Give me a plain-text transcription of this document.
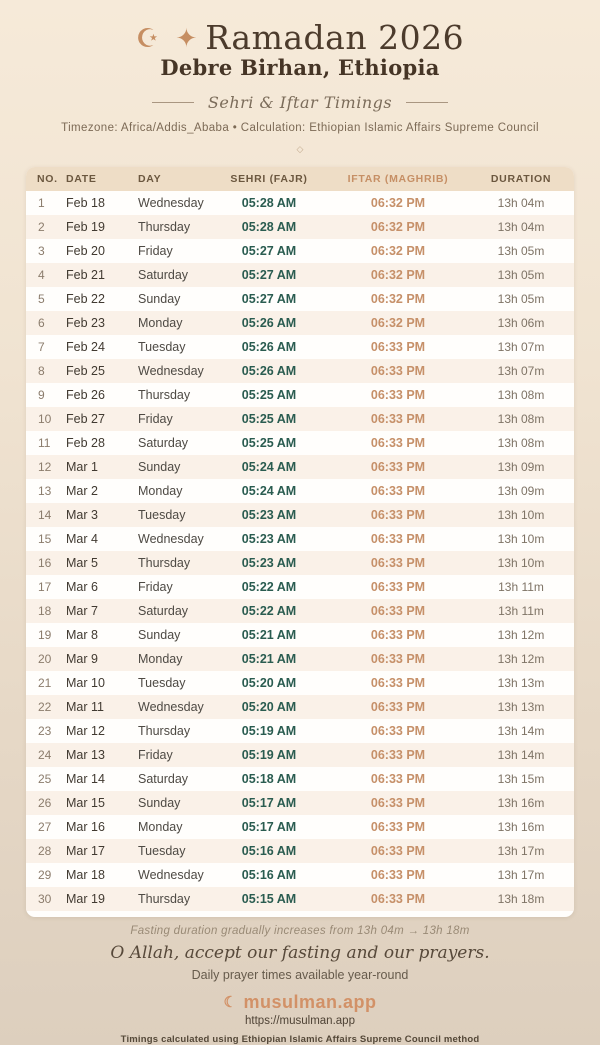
☪ ✦ Ramadan 2026
Debre Birhan, Ethiopia
Sehri & Iftar Timings
Timezone: Africa/Addis_Ababa • Calculation: Ethiopian Islamic Affairs Supreme Council
◇
NO.	DATE	DAY	SEHRI (FAJR)	IFTAR (MAGHRIB)	DURATION
1	Feb 18	Wednesday	05:28 AM	06:32 PM	13h 04m
2	Feb 19	Thursday	05:28 AM	06:32 PM	13h 04m
3	Feb 20	Friday	05:27 AM	06:32 PM	13h 05m
4	Feb 21	Saturday	05:27 AM	06:32 PM	13h 05m
5	Feb 22	Sunday	05:27 AM	06:32 PM	13h 05m
6	Feb 23	Monday	05:26 AM	06:32 PM	13h 06m
7	Feb 24	Tuesday	05:26 AM	06:33 PM	13h 07m
8	Feb 25	Wednesday	05:26 AM	06:33 PM	13h 07m
9	Feb 26	Thursday	05:25 AM	06:33 PM	13h 08m
10	Feb 27	Friday	05:25 AM	06:33 PM	13h 08m
11	Feb 28	Saturday	05:25 AM	06:33 PM	13h 08m
12	Mar 1	Sunday	05:24 AM	06:33 PM	13h 09m
13	Mar 2	Monday	05:24 AM	06:33 PM	13h 09m
14	Mar 3	Tuesday	05:23 AM	06:33 PM	13h 10m
15	Mar 4	Wednesday	05:23 AM	06:33 PM	13h 10m
16	Mar 5	Thursday	05:23 AM	06:33 PM	13h 10m
17	Mar 6	Friday	05:22 AM	06:33 PM	13h 11m
18	Mar 7	Saturday	05:22 AM	06:33 PM	13h 11m
19	Mar 8	Sunday	05:21 AM	06:33 PM	13h 12m
20	Mar 9	Monday	05:21 AM	06:33 PM	13h 12m
21	Mar 10	Tuesday	05:20 AM	06:33 PM	13h 13m
22	Mar 11	Wednesday	05:20 AM	06:33 PM	13h 13m
23	Mar 12	Thursday	05:19 AM	06:33 PM	13h 14m
24	Mar 13	Friday	05:19 AM	06:33 PM	13h 14m
25	Mar 14	Saturday	05:18 AM	06:33 PM	13h 15m
26	Mar 15	Sunday	05:17 AM	06:33 PM	13h 16m
27	Mar 16	Monday	05:17 AM	06:33 PM	13h 16m
28	Mar 17	Tuesday	05:16 AM	06:33 PM	13h 17m
29	Mar 18	Wednesday	05:16 AM	06:33 PM	13h 17m
30	Mar 19	Thursday	05:15 AM	06:33 PM	13h 18m
Fasting duration gradually increases from 13h 04m → 13h 18m
O Allah, accept our fasting and our prayers.
Daily prayer times available year-round
☾ musulman.app
https://musulman.app
Timings calculated using Ethiopian Islamic Affairs Supreme Council method
